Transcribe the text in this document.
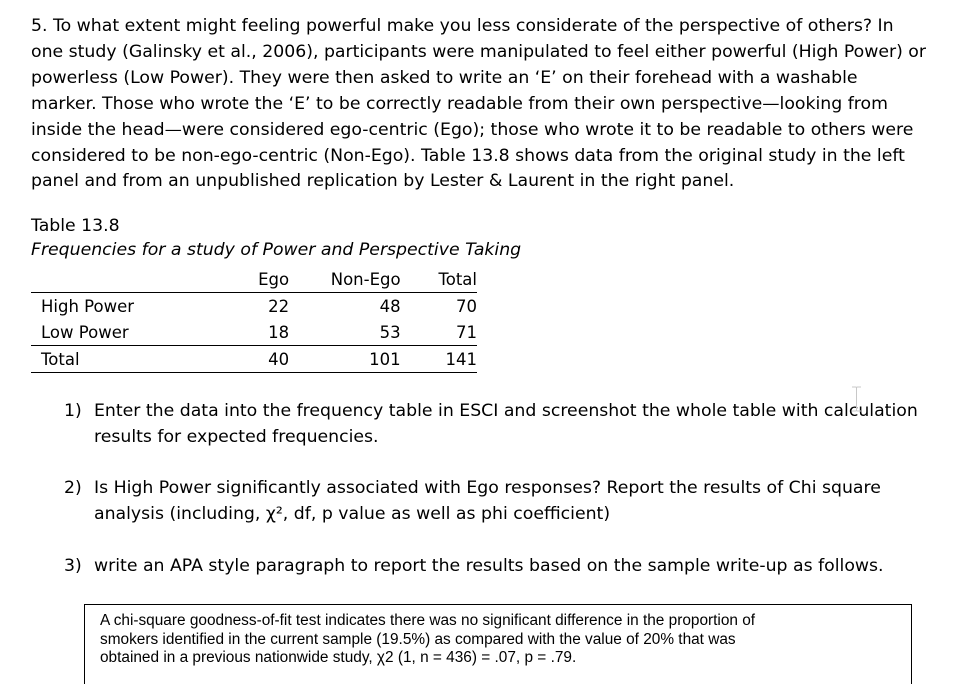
5. To what extent might feeling powerful make you less considerate of the perspective of others? In
one study (Galinsky et al., 2006), participants were manipulated to feel either powerful (High Power) or
powerless (Low Power). They were then asked to write an ‘E’ on their forehead with a washable
marker. Those who wrote the ‘E’ to be correctly readable from their own perspective—looking from
inside the head—were considered ego-centric (Ego); those who wrote it to be readable to others were
considered to be non-ego-centric (Non-Ego). Table 13.8 shows data from the original study in the left
panel and from an unpublished replication by Lester & Laurent in the right panel.

Table 13.8

Frequencies for a study of Power and Perspective Taking

	Ego	Non-Ego	Total
High Power	22	48	70
Low Power	18	53	71
Total	40	101	141
1) Enter the data into the frequency table in ESCI and screenshot the whole table with calculation
results for expected frequencies.
2) Is High Power significantly associated with Ego responses? Report the results of Chi square
analysis (including, χ², df, p value as well as phi coefficient)
3) write an APA style paragraph to report the results based on the sample write-up as follows.
A chi-square goodness-of-fit test indicates there was no significant difference in the proportion of
smokers identified in the current sample (19.5%) as compared with the value of 20% that was
obtained in a previous nationwide study, χ2 (1, n = 436) = .07, p = .79.
